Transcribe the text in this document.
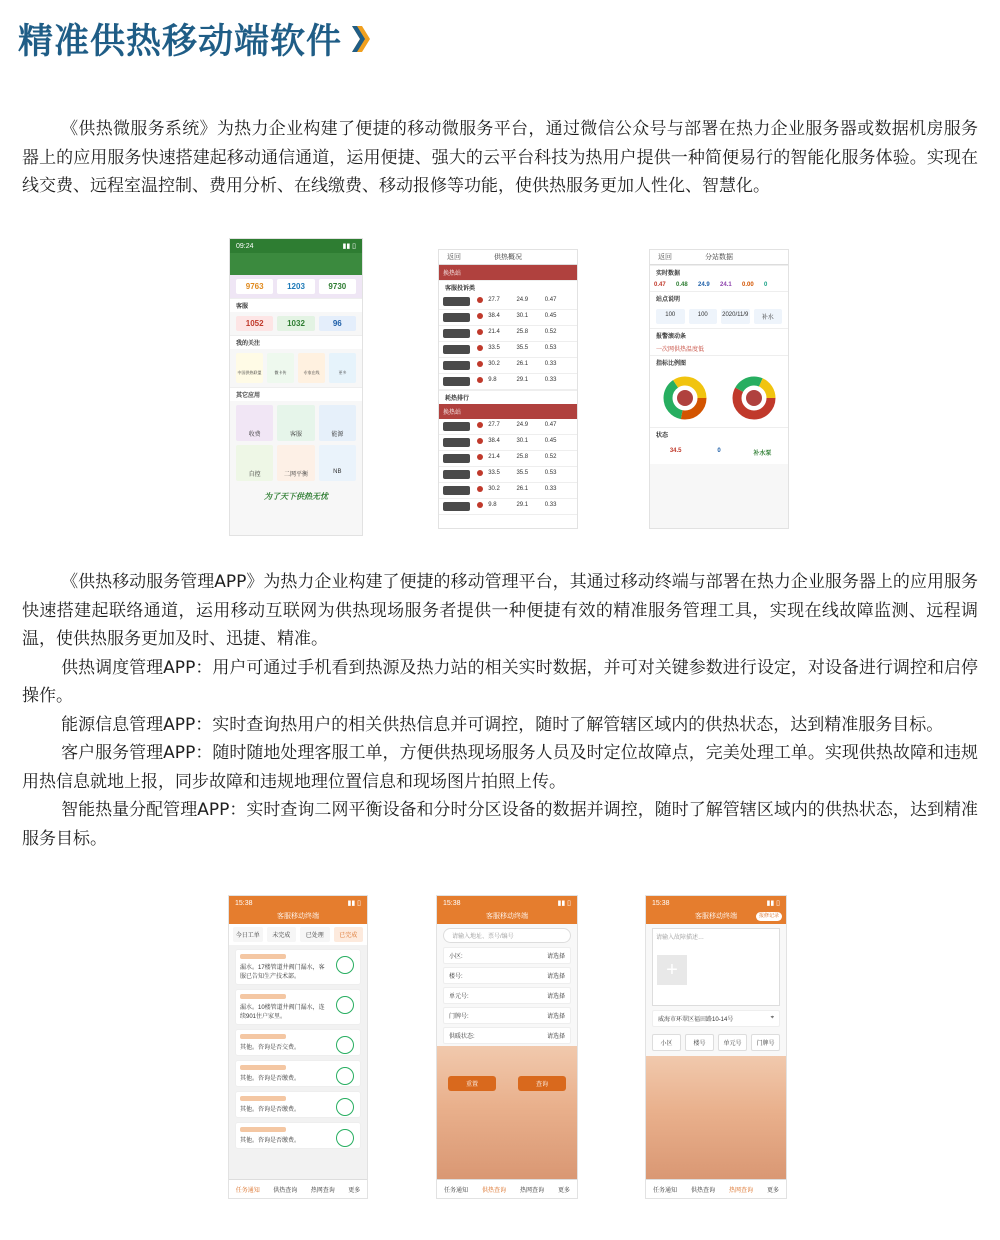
精准供热移动端软件

《供热微服务系统》为热力企业构建了便捷的移动微服务平台，通过微信公众号与部署在热力企业服务器或数据机房服务器上的应用服务快速搭建起移动通信通道，运用便捷、强大的云平台科技为热用户提供一种简便易行的智能化服务体验。实现在线交费、远程室温控制、费用分析、在线缴费、移动报修等功能，使供热服务更加人性化、智慧化。

09:24	▮▮ ▯
9763	1203	9730
客服
1052	1032	96
我的关注
中国供热联盟	微卡传	专家在线	更多
其它应用
收费	客服	能源
自控	二网平衡	NB
为了天下供热无忧
返回	供热概况
换热站
客服投诉类
27.7	24.9	0.47
38.4	30.1	0.45
21.4	25.8	0.52
33.5	35.5	0.53
30.2	26.1	0.33
9.8	29.1	0.33
耗热排行
换热站
27.7	24.9	0.47
38.4	30.1	0.45
21.4	25.8	0.52
33.5	35.5	0.53
30.2	26.1	0.33
9.8	29.1	0.33
返回	分站数据
实时数据
0.47	0.48	24.9	24.1	0.00	0
站点说明
100	100	2020/11/9	补水
报警滚动条
一次网供热温度低
指标比例图
状态
34.5	0	补水泵
《供热移动服务管理APP》为热力企业构建了便捷的移动管理平台，其通过移动终端与部署在热力企业服务器上的应用服务快速搭建起联络通道，运用移动互联网为供热现场服务者提供一种便捷有效的精准服务管理工具，实现在线故障监测、远程调温，使供热服务更加及时、迅捷、精准。
供热调度管理APP：用户可通过手机看到热源及热力站的相关实时数据，并可对关键参数进行设定，对设备进行调控和启停操作。
能源信息管理APP：实时查询热用户的相关供热信息并可调控，随时了解管辖区域内的供热状态，达到精准服务目标。
客户服务管理APP：随时随地处理客服工单，方便供热现场服务人员及时定位故障点，完美处理工单。实现供热故障和违规用热信息就地上报，同步故障和违规地理位置信息和现场图片拍照上传。
智能热量分配管理APP：实时查询二网平衡设备和分时分区设备的数据并调控，随时了解管辖区域内的供热状态，达到精准服务目标。
15:38	▮▮ ▯
客服移动终端
今日工单	未完成	已处理	已完成
漏水。17楼管道井阀门漏水，客服已告知生产技术部。
漏水。10楼管道井阀门漏水，连续901住户家里。
其他。咨询是否交费。
其他。咨询是否缴费。
其他。咨询是否缴费。
其他。咨询是否缴费。
任务通知 供热查询 热网查询 更多
15:38	▮▮ ▯
客服移动终端
请输入地址、票号/编号
小区:	请选择
楼号:	请选择
单元号:	请选择
门牌号:	请选择
供暖状态:	请选择
重置	查询
任务通知 供热查询 热网查询 更多
15:38	▮▮ ▯
客服移动终端	报修记录
请输入故障描述…
+
威海市环翠区福田路10-14号	⌖
小区	楼号	单元号	门牌号
任务通知 供热查询 热网查询 更多
